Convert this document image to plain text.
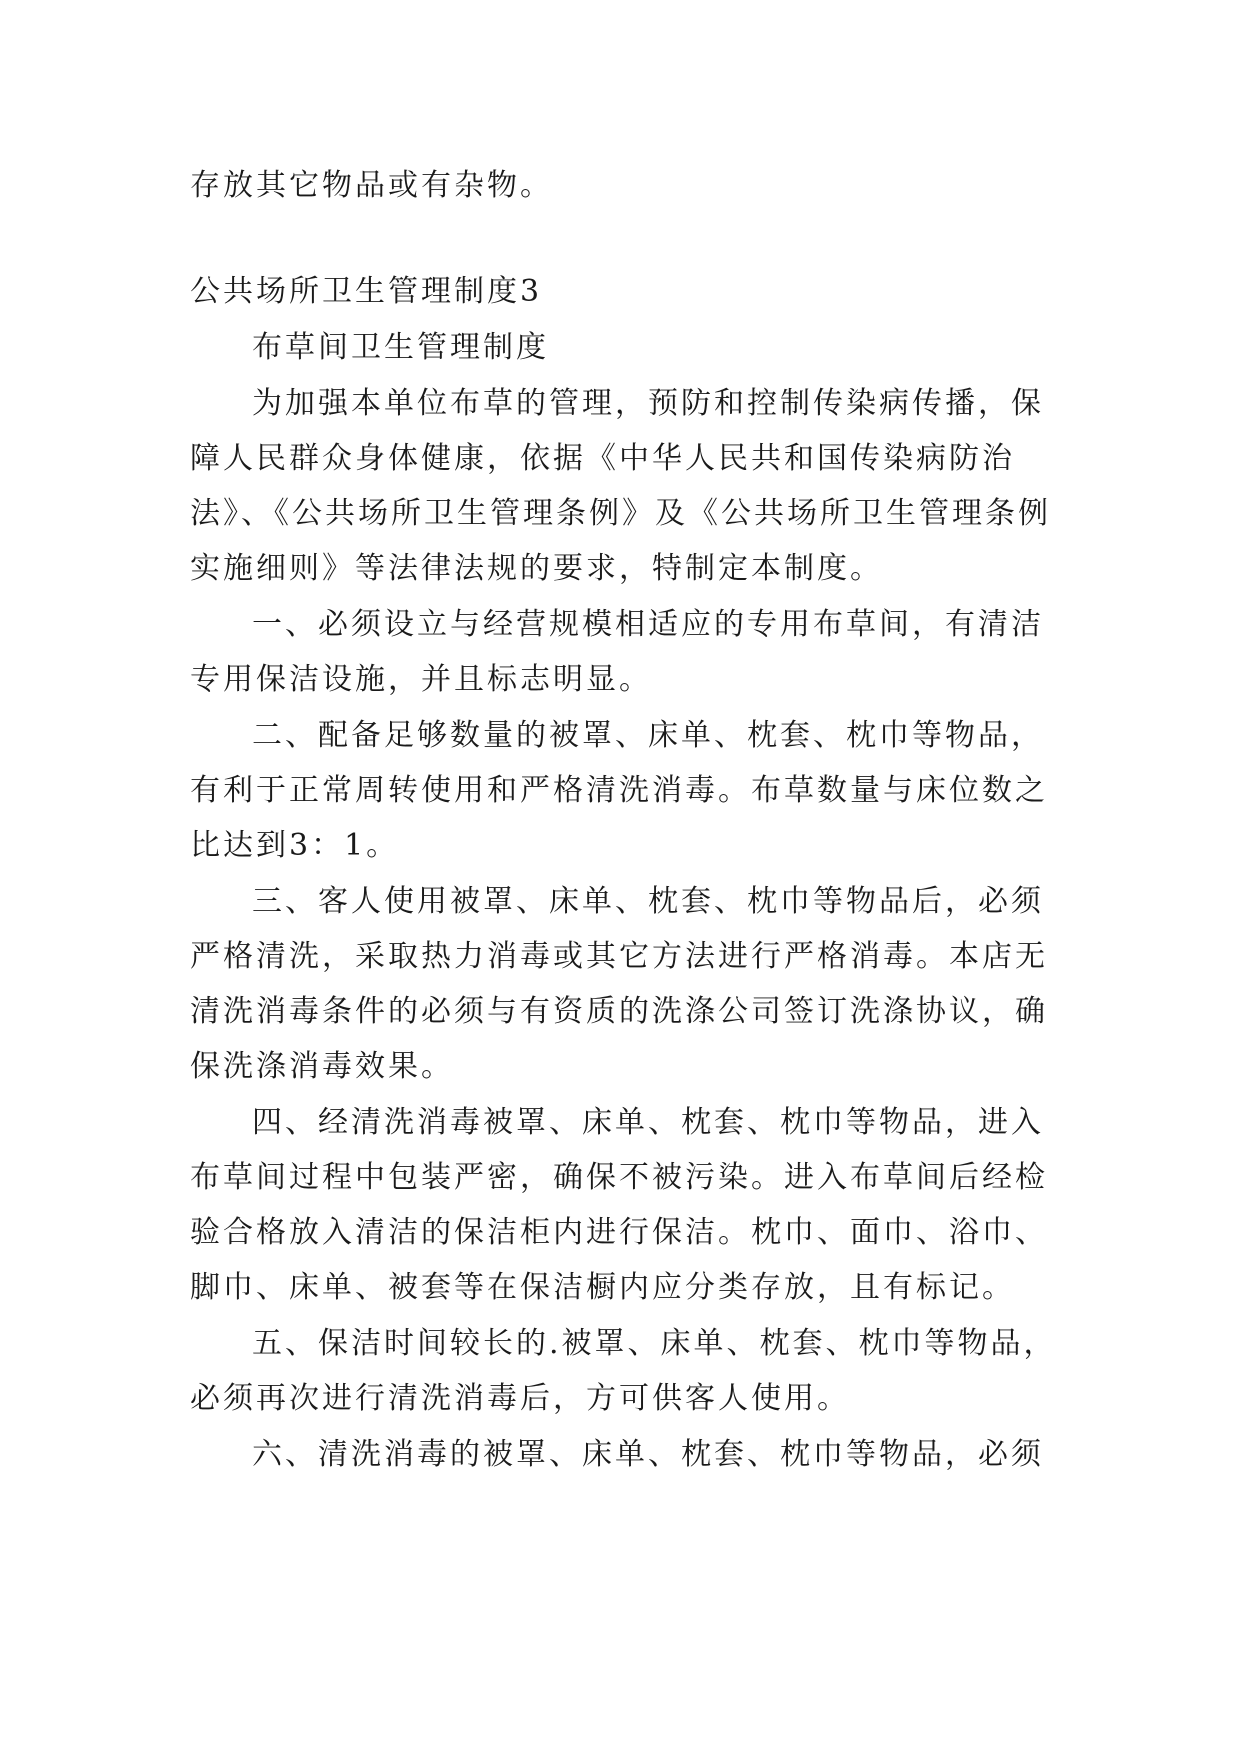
存放其它物品或有杂物。
公共场所卫生管理制度3
布草间卫生管理制度
为加强本单位布草的管理，预防和控制传染病传播，保
障人民群众身体健康，依据《中华人民共和国传染病防治
法》、《公共场所卫生管理条例》及《公共场所卫生管理条例
实施细则》等法律法规的要求，特制定本制度。
一、必须设立与经营规模相适应的专用布草间，有清洁
专用保洁设施，并且标志明显。
二、配备足够数量的被罩、床单、枕套、枕巾等物品，
有利于正常周转使用和严格清洗消毒。布草数量与床位数之
比达到3：1。
三、客人使用被罩、床单、枕套、枕巾等物品后，必须
严格清洗，采取热力消毒或其它方法进行严格消毒。本店无
清洗消毒条件的必须与有资质的洗涤公司签订洗涤协议，确
保洗涤消毒效果。
四、经清洗消毒被罩、床单、枕套、枕巾等物品，进入
布草间过程中包装严密，确保不被污染。进入布草间后经检
验合格放入清洁的保洁柜内进行保洁。枕巾、面巾、浴巾、
脚巾、床单、被套等在保洁橱内应分类存放，且有标记。
五、保洁时间较长的.被罩、床单、枕套、枕巾等物品，
必须再次进行清洗消毒后，方可供客人使用。
六、清洗消毒的被罩、床单、枕套、枕巾等物品，必须
